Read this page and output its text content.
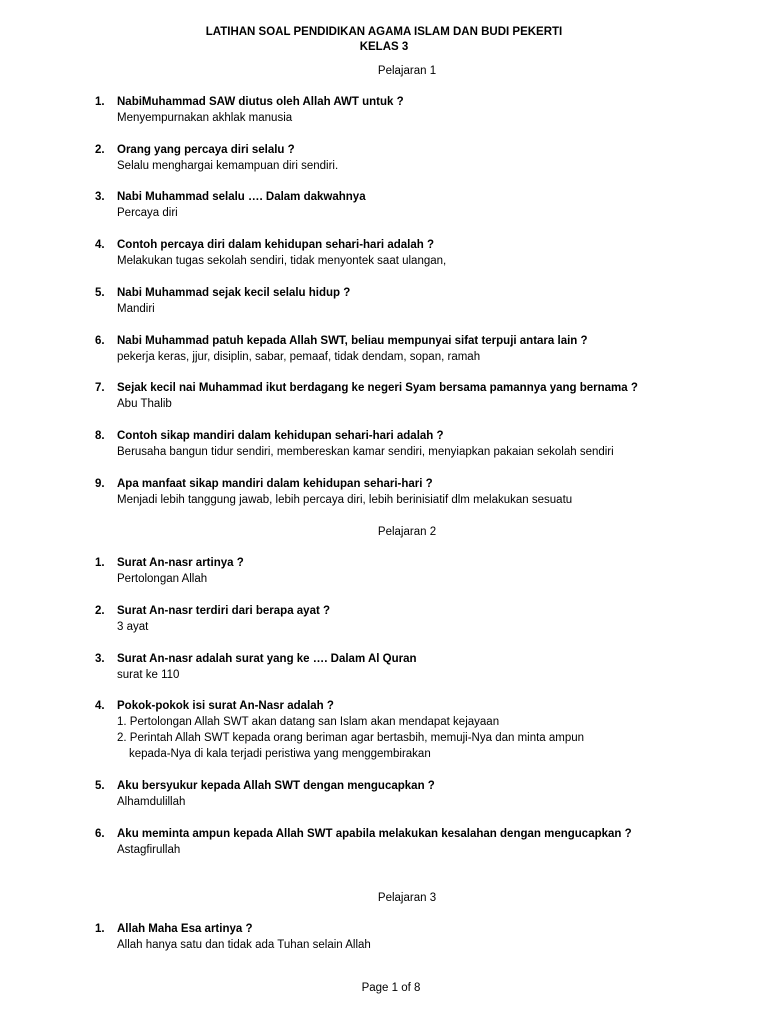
LATIHAN SOAL PENDIDIKAN AGAMA ISLAM DAN BUDI PEKERTI
KELAS 3
Pelajaran 1
1.	NabiMuhammad SAW diutus oleh Allah AWT untuk ?
Menyempurnakan akhlak manusia
2.	Orang yang percaya diri selalu ?
Selalu menghargai kemampuan diri sendiri.
3.	Nabi Muhammad selalu …. Dalam dakwahnya
Percaya diri
4.	Contoh percaya diri dalam kehidupan sehari-hari adalah ?
Melakukan tugas sekolah sendiri, tidak menyontek saat ulangan,
5.	Nabi Muhammad sejak kecil selalu hidup ?
Mandiri
6.	Nabi Muhammad patuh kepada Allah SWT, beliau mempunyai sifat terpuji antara lain ?
pekerja keras, jjur, disiplin, sabar, pemaaf, tidak dendam, sopan, ramah
7.	Sejak kecil nai Muhammad ikut berdagang ke negeri Syam bersama pamannya yang bernama ?
Abu Thalib
8.	Contoh sikap mandiri dalam kehidupan sehari-hari adalah ?
Berusaha bangun tidur sendiri, membereskan kamar sendiri, menyiapkan pakaian sekolah sendiri
9.	Apa manfaat sikap mandiri dalam kehidupan sehari-hari ?
Menjadi lebih tanggung jawab, lebih percaya diri, lebih berinisiatif dlm melakukan sesuatu
Pelajaran 2
1.	Surat An-nasr artinya ?
Pertolongan Allah
2.	Surat An-nasr terdiri dari berapa ayat ?
3 ayat
3.	Surat An-nasr adalah surat yang ke …. Dalam Al Quran
surat ke 110
4.	Pokok-pokok isi surat An-Nasr adalah ?
1. Pertolongan Allah SWT akan datang san Islam akan mendapat kejayaan
2. Perintah Allah SWT kepada orang beriman agar bertasbih, memuji-Nya dan minta ampun
kepada-Nya di kala terjadi peristiwa yang menggembirakan
5.	Aku bersyukur kepada Allah SWT dengan mengucapkan ?
Alhamdulillah
6.	Aku meminta ampun kepada Allah SWT apabila melakukan kesalahan dengan mengucapkan ?
Astagfirullah
Pelajaran 3
1.	Allah Maha Esa artinya ?
Allah hanya satu dan tidak ada Tuhan selain Allah
Page 1 of 8
